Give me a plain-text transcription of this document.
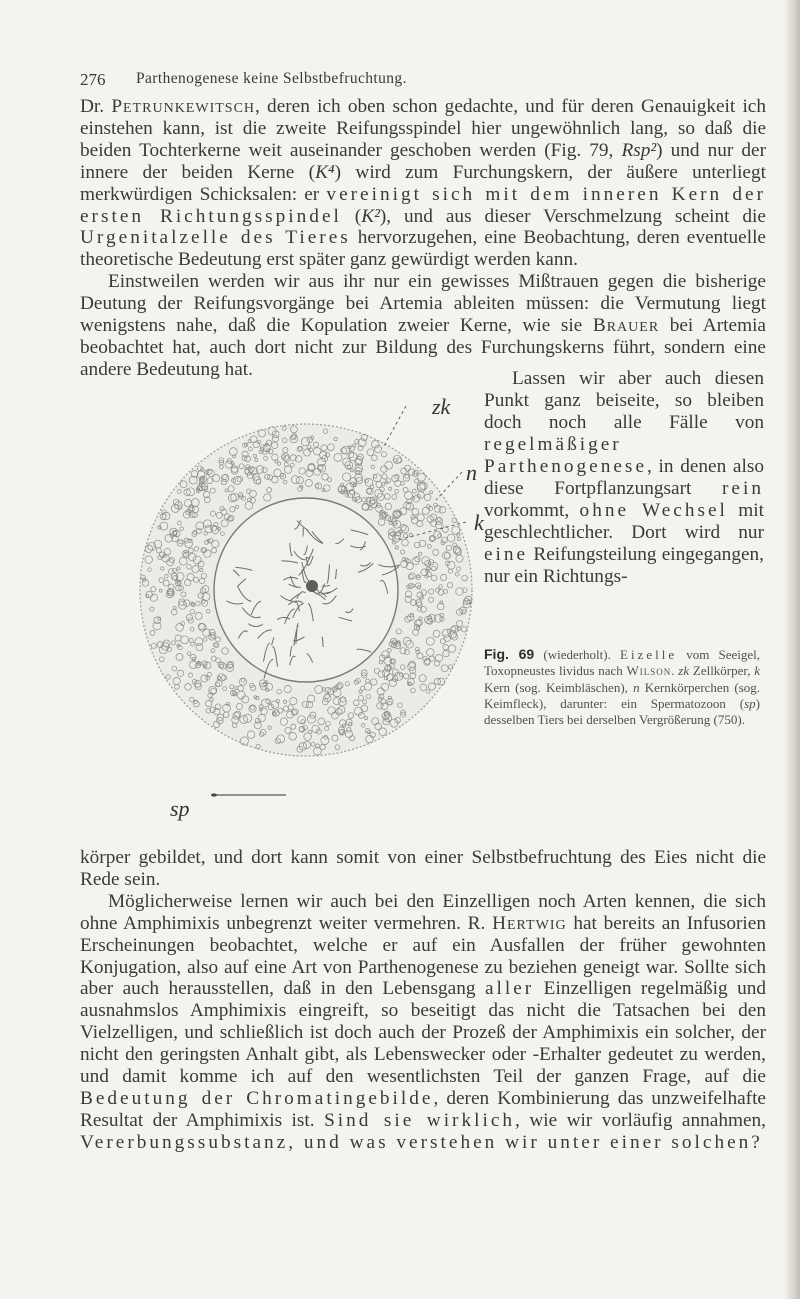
276 Parthenogenese keine Selbstbefruchtung.

Dr. Petrunkewitsch, deren ich oben schon gedachte, und für deren Genauigkeit ich einstehen kann, ist die zweite Reifungsspindel hier ungewöhnlich lang, so daß die beiden Tochterkerne weit auseinander geschoben werden (Fig. 79, Rsp²) und nur der innere der beiden Kerne (K⁴) wird zum Furchungskern, der äußere unterliegt merkwürdigen Schicksalen: er vereinigt sich mit dem inneren Kern der ersten Richtungsspindel (K²), und aus dieser Verschmelzung scheint die Urgenitalzelle des Tieres hervorzugehen, eine Beobachtung, deren eventuelle theoretische Bedeutung erst später ganz gewürdigt werden kann.

Einstweilen werden wir aus ihr nur ein gewisses Mißtrauen gegen die bisherige Deutung der Reifungsvorgänge bei Artemia ableiten müssen: die Vermutung liegt wenigstens nahe, daß die Kopulation zweier Kerne, wie sie Brauer bei Artemia beobachtet hat, auch dort nicht zur Bildung des Furchungskerns führt, sondern eine andere Bedeutung hat.

zk
n
k
sp

Lassen wir aber auch diesen Punkt ganz beiseite, so bleiben doch noch alle Fälle von regelmäßiger Parthenogenese, in denen also diese Fortpflanzungsart rein vorkommt, ohne Wechsel mit geschlechtlicher. Dort wird nur eine Reifungsteilung eingegangen, nur ein Richtungs-

Fig. 69 (wiederholt). Eizelle vom Seeigel, Toxopneustes lividus nach Wilson. zk Zellkörper, k Kern (sog. Keimbläschen), n Kernkörperchen (sog. Keimfleck), darunter: ein Spermatozoon (sp) desselben Tiers bei derselben Vergrößerung (750).

körper gebildet, und dort kann somit von einer Selbstbefruchtung des Eies nicht die Rede sein.

Möglicherweise lernen wir auch bei den Einzelligen noch Arten kennen, die sich ohne Amphimixis unbegrenzt weiter vermehren. R. Hertwig hat bereits an Infusorien Erscheinungen beobachtet, welche er auf ein Ausfallen der früher gewohnten Konjugation, also auf eine Art von Parthenogenese zu beziehen geneigt war. Sollte sich aber auch herausstellen, daß in den Lebensgang aller Einzelligen regelmäßig und ausnahmslos Amphimixis eingreift, so beseitigt das nicht die Tatsachen bei den Vielzelligen, und schließlich ist doch auch der Prozeß der Amphimixis ein solcher, der nicht den geringsten Anhalt gibt, als Lebenswecker oder -Erhalter gedeutet zu werden, und damit komme ich auf den wesentlichsten Teil der ganzen Frage, auf die Bedeutung der Chromatingebilde, deren Kombinierung das unzweifelhafte Resultat der Amphimixis ist. Sind sie wirklich, wie wir vorläufig annahmen, Vererbungssubstanz, und was verstehen wir unter einer solchen?
